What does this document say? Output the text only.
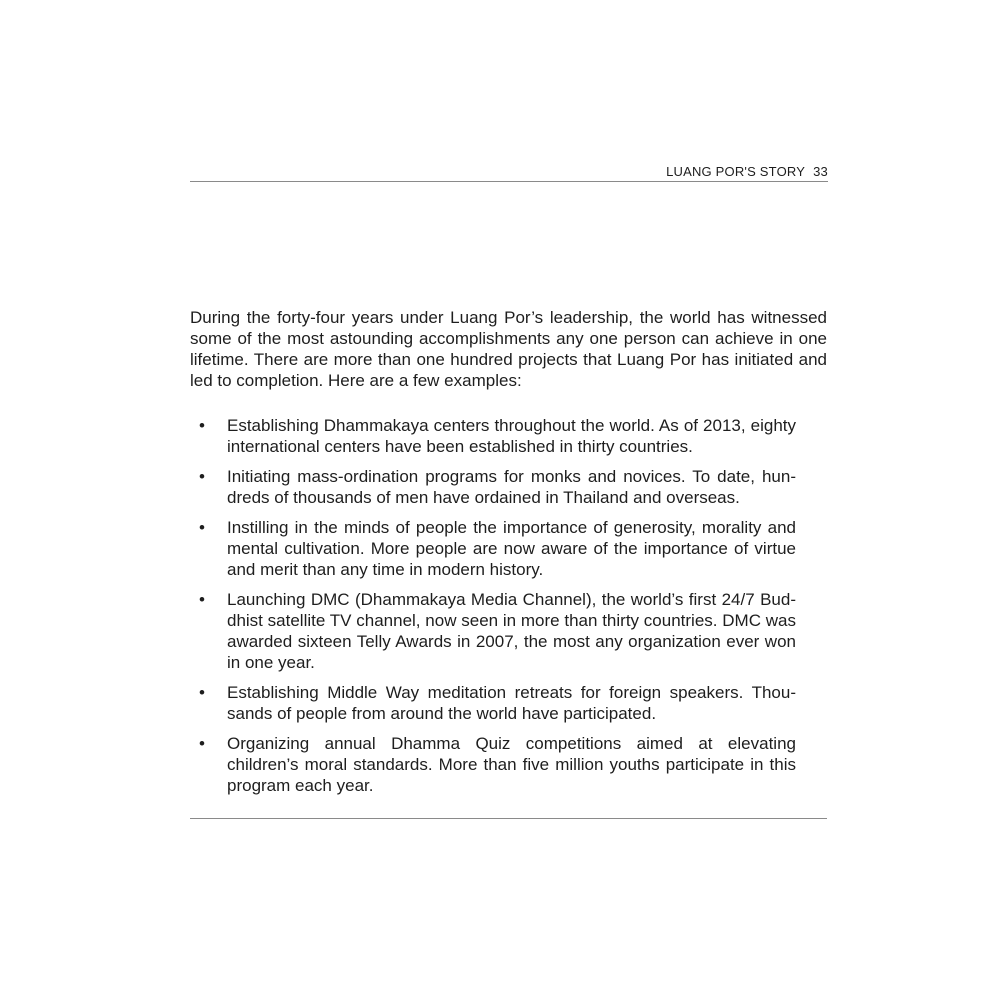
LUANG POR'S STORY 33

During the forty-four years under Luang Por’s leadership, the world has witnessed some of the most astounding accomplishments any one person can achieve in one lifetime. There are more than one hundred projects that Luang Por has initiated and led to completion. Here are a few examples:

• Establishing Dhammakaya centers throughout the world. As of 2013, eighty international centers have been established in thirty countries.
• Initiating mass-ordination programs for monks and novices. To date, hundreds of thousands of men have ordained in Thailand and overseas.
• Instilling in the minds of people the importance of generosity, morality and mental cultivation. More people are now aware of the importance of virtue and merit than any time in modern history.
• Launching DMC (Dhammakaya Media Channel), the world’s first 24/7 Buddhist satellite TV channel, now seen in more than thirty countries. DMC was awarded sixteen Telly Awards in 2007, the most any organization ever won in one year.
• Establishing Middle Way meditation retreats for foreign speakers. Thousands of people from around the world have participated.
• Organizing annual Dhamma Quiz competitions aimed at elevating children’s moral standards. More than five million youths participate in this program each year.
